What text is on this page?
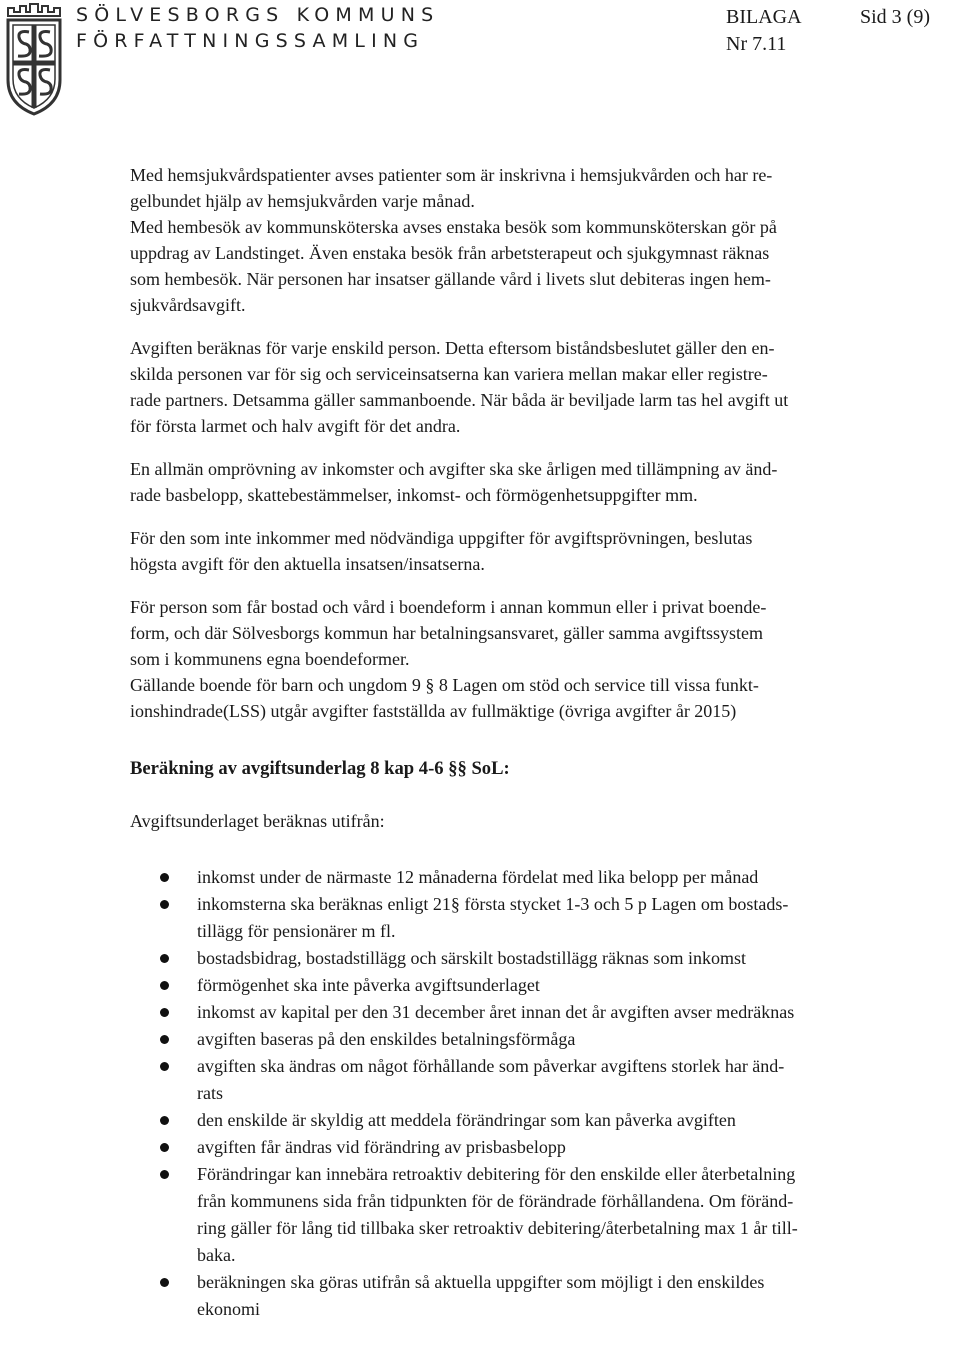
SÖLVESBORGS KOMMUNS
FÖRFATTNINGSSAMLING
BILAGA	Sid 3 (9)
Nr 7.11

Med hemsjukvårdspatienter avses patienter som är inskrivna i hemsjukvården och har re-
gelbundet hjälp av hemsjukvården varje månad.
Med hembesök av kommunsköterska avses enstaka besök som kommunsköterskan gör på
uppdrag av Landstinget. Även enstaka besök från arbetsterapeut och sjukgymnast räknas
som hembesök. När personen har insatser gällande vård i livets slut debiteras ingen hem-
sjukvårdsavgift.

Avgiften beräknas för varje enskild person. Detta eftersom biståndsbeslutet gäller den en-
skilda personen var för sig och serviceinsatserna kan variera mellan makar eller registre-
rade partners. Detsamma gäller sammanboende. När båda är beviljade larm tas hel avgift ut
för första larmet och halv avgift för det andra.

En allmän omprövning av inkomster och avgifter ska ske årligen med tillämpning av änd-
rade basbelopp, skattebestämmelser, inkomst- och förmögenhetsuppgifter mm.

För den som inte inkommer med nödvändiga uppgifter för avgiftsprövningen, beslutas
högsta avgift för den aktuella insatsen/insatserna.

För person som får bostad och vård i boendeform i annan kommun eller i privat boende-
form, och där Sölvesborgs kommun har betalningsansvaret, gäller samma avgiftssystem
som i kommunens egna boendeformer.
Gällande boende för barn och ungdom 9 § 8 Lagen om stöd och service till vissa funkt-
ionshindrade(LSS) utgår avgifter fastställda av fullmäktige (övriga avgifter år 2015)

Beräkning av avgiftsunderlag 8 kap 4-6 §§ SoL:

Avgiftsunderlaget beräknas utifrån:

inkomst under de närmaste 12 månaderna fördelat med lika belopp per månad
inkomsterna ska beräknas enligt 21§ första stycket 1-3 och 5 p Lagen om bostads-
tillägg för pensionärer m fl.
bostadsbidrag, bostadstillägg och särskilt bostadstillägg räknas som inkomst
förmögenhet ska inte påverka avgiftsunderlaget
inkomst av kapital per den 31 december året innan det år avgiften avser medräknas
avgiften baseras på den enskildes betalningsförmåga
avgiften ska ändras om något förhållande som påverkar avgiftens storlek har änd-
rats
den enskilde är skyldig att meddela förändringar som kan påverka avgiften
avgiften får ändras vid förändring av prisbasbelopp
Förändringar kan innebära retroaktiv debitering för den enskilde eller återbetalning
från kommunens sida från tidpunkten för de förändrade förhållandena. Om föränd-
ring gäller för lång tid tillbaka sker retroaktiv debitering/återbetalning max 1 år till-
baka.
beräkningen ska göras utifrån så aktuella uppgifter som möjligt i den enskildes
ekonomi
